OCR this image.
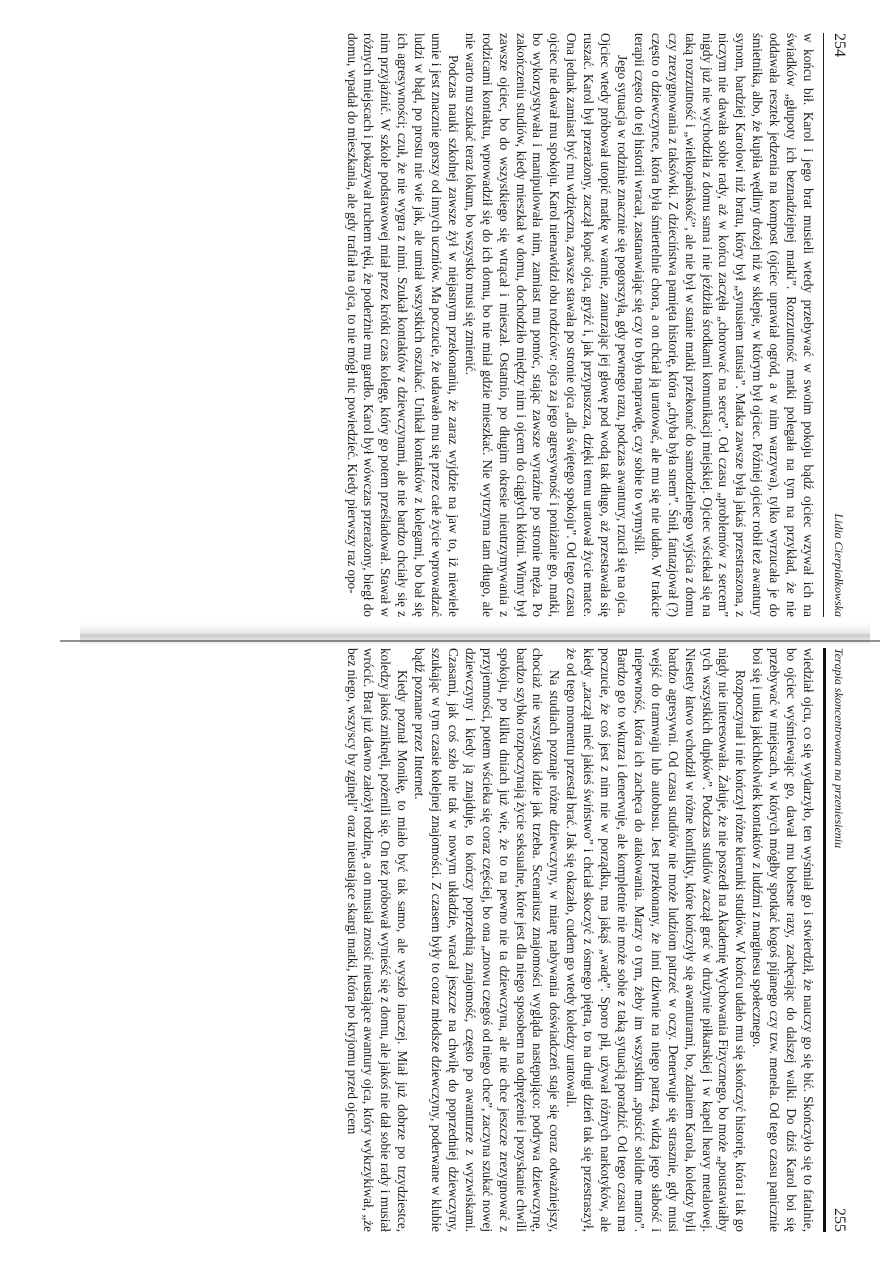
254
Lidia Cierpiałkowska

w końcu bił. Karol i jego brat musieli wtedy przebywać w swoim pokoju bądź ojciec wzywał ich na świadków „głupoty ich beznadziejnej matki”. Rozrzutność matki polegała na tym na przykład, że nie oddawała resztek jedzenia na kompost (ojciec uprawiał ogród, a w nim warzywa), tylko wyrzucała je do śmietnika, albo, że kupiła wędliny drożej niż w sklepie, w którym był ojciec. Później ojciec robił też awantury synom, bardziej Karolowi niż bratu, który był „synusiem tatusia”. Matka zawsze była jakaś przestraszona, z niczym nie dawała sobie rady, aż w końcu zaczęła „chorować na serce”. Od czasu „problemów z sercem” nigdy już nie wychodziła z domu sama i nie jeździła środkami komunikacji miejskiej. Ojciec wściekał się na taką rozrzutność i „wielkopańskość”, ale nie był w stanie matki przekonać do samodzielnego wyjścia z domu czy zrezygnowania z taksówki. Z dzieciństwa pamięta historię, która „chyba była snem”. Śnił, fantazjował (?) często o dziewczynce, która była śmiertelnie chora, a on chciał ją uratować, ale mu się nie udało. W trakcie terapii często do tej historii wracał, zastanawiając się czy to było naprawdę, czy sobie to wymyślił.

Jego sytuacja w rodzinie znacznie się pogorszyła, gdy pewnego razu, podczas awantury, rzucił się na ojca. Ojciec wtedy próbował utopić matkę w wannie, zanurzając jej głowę pod wodą tak długo, aż przestawała się ruszać. Karol był przerażony, zaczął kopać ojca, gryźć i, jak przypuszcza, dzięki temu uratował życie matce. Ona jednak zamiast być mu wdzięczna, zawsze stawała po stronie ojca „dla świętego spokoju”. Od tego czasu ojciec nie dawał mu spokoju. Karol nienawidzi obu rodziców: ojca za jego agresywność i poniżanie go, matki, bo wykorzystywała i manipulowała nim, zamiast mu pomóc, stając zawsze wyraźnie po stronie męża. Po zakończeniu studiów, kiedy mieszkał w domu, dochodziło między nim i ojcem do ciągłych kłótni. Winny był zawsze ojciec, bo do wszystkiego się wtrącał i mieszał. Ostatnio, po długim okresie nieutrzymywania z rodzicami kontaktu, wprowadził się do ich domu, bo nie miał gdzie mieszkać. Nie wytrzyma tam długo, ale nie warto mu szukać teraz lokum, bo wszystko musi się zmienić.

Podczas nauki szkolnej zawsze żył w niejasnym przekonaniu, że zaraz wyjdzie na jaw to, iż niewiele umie i jest znacznie gorszy od innych uczniów. Ma poczucie, że udawało mu się przez całe życie wprowadzać ludzi w błąd, po prostu nie wie jak, ale umiał wszystkich oszukać. Unikał kontaktów z kolegami, bo bał się ich agresywności; czuł, że nie wygra z nimi. Szukał kontaktów z dziewczynami, ale nie bardzo chciały się z nim przyjaźnić. W szkole podstawowej miał przez krótki czas kolegę, który go potem prześladował. Stawał w różnych miejscach i pokazywał ruchem ręki, że poderżnie mu gardło. Karol był wówczas przerażony, biegł do domu, wpadał do mieszkania, ale gdy trafiał na ojca, to nie mógł nic powiedzieć. Kiedy pierwszy raz opo-

Terapia skoncentrowana na przeniesieniu
255

wiedział ojcu, co się wydarzyło, ten wyśmiał go i stwierdził, że nauczy go się bić. Skończyło się to fatalnie, bo ojciec wyśmiewając go, dawał mu bolesne razy, zachęcając do dalszej walki. Do dziś Karol boi się przebywać w miejscach, w których mógłby spotkać kogoś pijanego czy tzw. menela. Od tego czasu panicznie boi się i unika jakichkolwiek kontaktów z ludźmi z marginesu społecznego.

Rozpoczynał i nie kończył różne kierunki studiów. W końcu udało mu się skończyć historię, która i tak go nigdy nie interesowała. Żałuje, że nie poszedł na Akademię Wychowania Fizycznego, bo może „poustawiałby tych wszystkich dupków”. Podczas studiów zaczął grać w drużynie piłkarskiej i w kapeli heavy metalowej. Niestety łatwo wchodził w różne konflikty, które kończyły się awanturami, bo, zdaniem Karola, koledzy byli bardzo agresywni. Od czasu studiów nie może ludziom patrzeć w oczy. Denerwuje się strasznie, gdy musi wejść do tramwaju lub autobusu. Jest przekonany, że inni dziwnie na niego patrzą, widzą jego słabość i niepewność, która ich zachęca do atakowania. Marzy o tym, żeby im wszystkim „spuścić solidne manto”. Bardzo go to wkurza i denerwuje, ale kompletnie nie może sobie z taką sytuacją poradzić. Od tego czasu ma poczucie, że coś jest z nim nie w porządku, ma jakąś „wadę”. Sporo pił, używał różnych narkotyków, ale kiedy „zaczął mieć jakieś świństwo” i chciał skoczyć z ósmego piętra, to na drugi dzień tak się przestraszył, że od tego momentu przestał brać. Jak się okazało, cudem go wtedy koledzy uratowali.

Na studiach poznaje różne dziewczyny, w miarę nabywania doświadczeń staje się coraz odważniejszy, chociaż nie wszystko idzie jak trzeba. Scenariusz znajomości wygląda następująco: podrywa dziewczynę, bardzo szybko rozpoczynają życie seksualne, które jest dla niego sposobem na odprężenie i pozyskanie chwili spokoju, po kilku dniach już wie, że to na pewno nie ta dziewczyna, ale nie chce jeszcze zrezygnować z przyjemności, potem wścieka się coraz częściej, bo ona „znowu czegoś od niego chce”, zaczyna szukać nowej dziewczyny i kiedy ją znajduje, to kończy poprzednią znajomość, często po awanturze z wyzwiskami. Czasami, jak coś szło nie tak w nowym układzie, wracał jeszcze na chwilę do poprzedniej dziewczyny, szukając w tym czasie kolejnej znajomości. Z czasem były to coraz młodsze dziewczyny, poderwane w klubie bądź poznane przez Internet.

Kiedy poznał Monikę, to miało być tak samo, ale wyszło inaczej. Miał już dobrze po trzydziestce, koledzy jakoś zniknęli, pożenili się. On też próbował wynieść się z domu, ale jakoś nie dał sobie rady i musiał wrócić. Brat już dawno założył rodzinę, a on musiał znosić nieustające awantury ojca, który wykrzykiwał, „że bez niego, wszyscy by zginęli” oraz nieustające skargi matki, która po kryjomu przed ojcem
